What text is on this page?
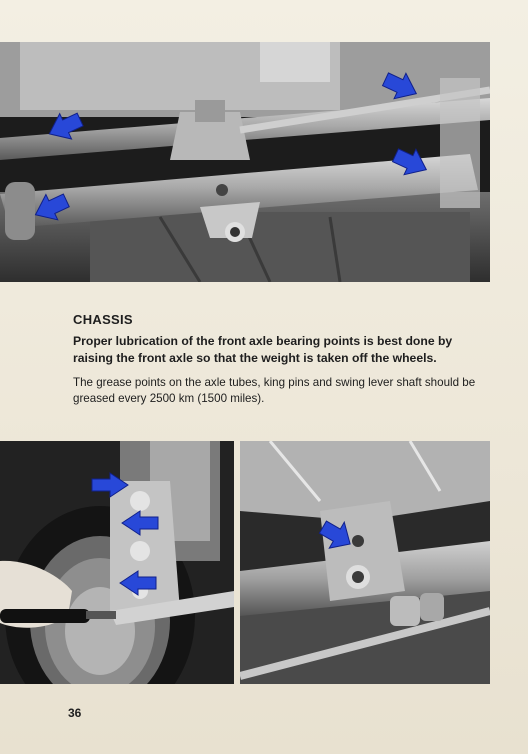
CHASSIS

Proper lubrication of the front axle bearing points is best done by raising the front axle so that the weight is taken off the wheels.

The grease points on the axle tubes, king pins and swing lever shaft should be greased every 2500 km (1500 miles).

36
